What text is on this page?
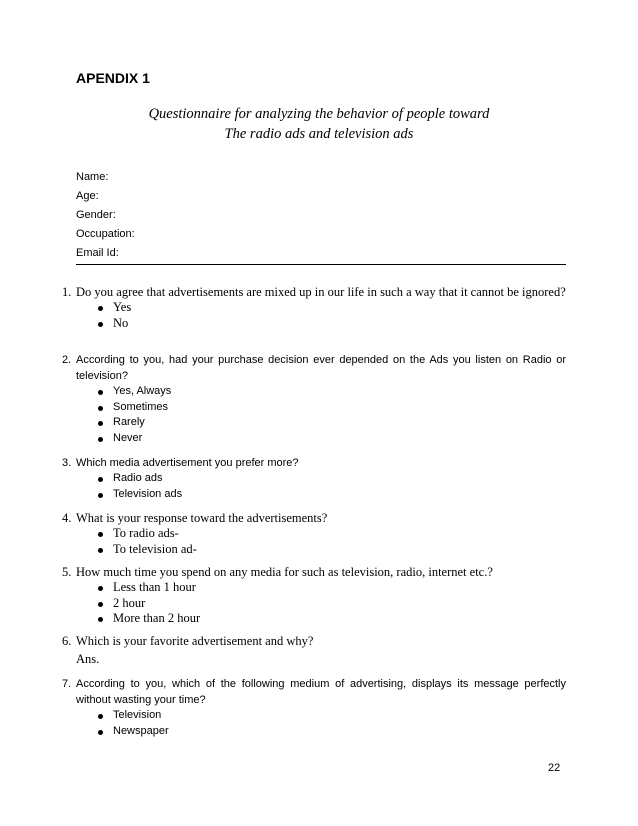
APENDIX 1
Questionnaire for analyzing the behavior of people toward
The radio ads and television ads
Name:
Age:
Gender:
Occupation:
Email Id:
1. Do you agree that advertisements are mixed up in our life in such a way that it cannot be ignored?
Yes
No
2. According to you, had your purchase decision ever depended on the Ads you listen on Radio or television?
Yes, Always
Sometimes
Rarely
Never
3. Which media advertisement you prefer more?
Radio ads
Television ads
4. What is your response toward the advertisements?
To radio ads-
To television ad-
5. How much time you spend on any media for such as television, radio, internet etc.?
Less than 1 hour
2 hour
More than 2 hour
6. Which is your favorite advertisement and why?
Ans.
7. According to you, which of the following medium of advertising, displays its message perfectly without wasting your time?
Television
Newspaper
22
